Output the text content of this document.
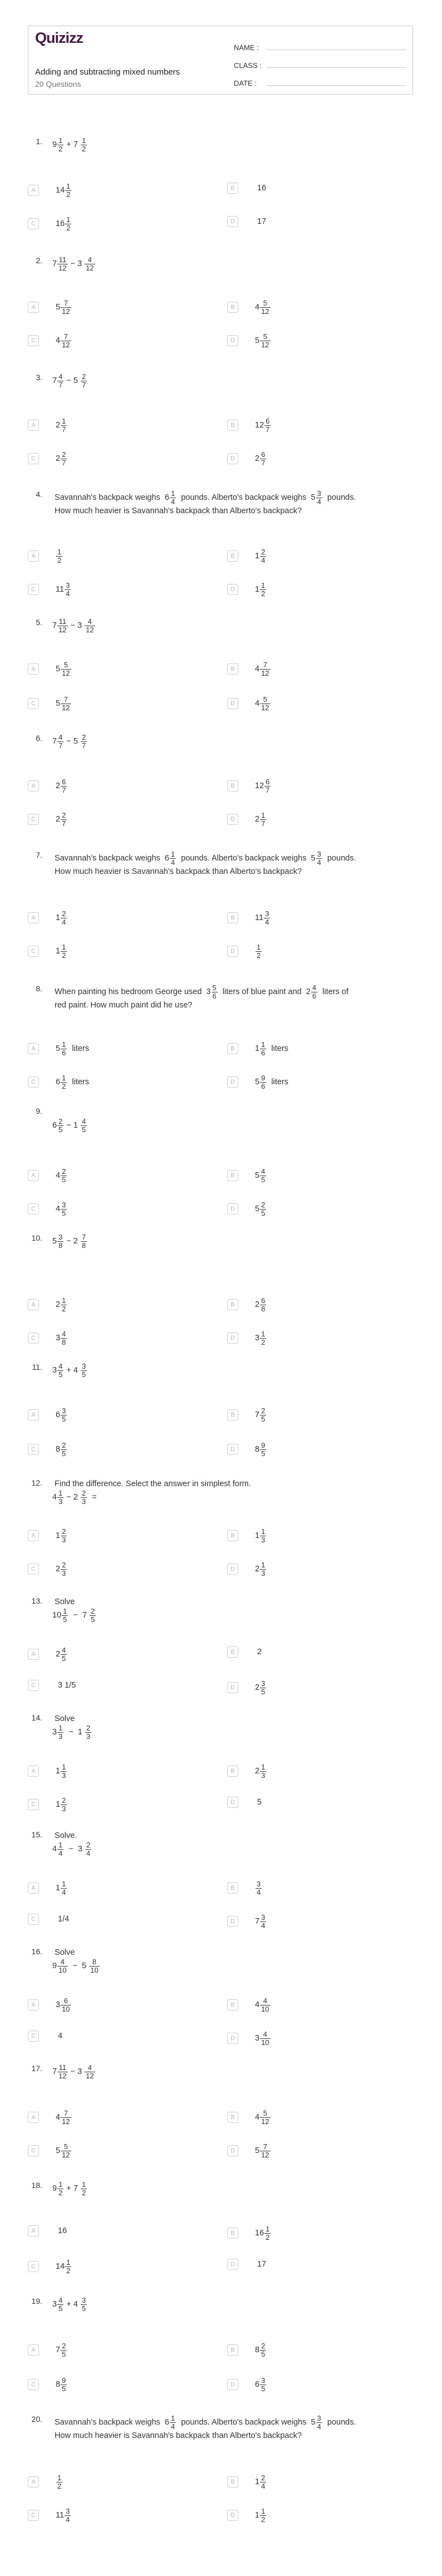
Quizizz
Adding and subtracting mixed numbers
20 Questions
NAME :
CLASS :
DATE :
1. $9 \frac{1}{2} + 7 \frac{1}{2}$
A	$14 \frac{1}{2}$	B	16
C	$16 \frac{1}{2}$	D	17
2. $7 \frac{11}{12} - 3 \frac{4}{12}$
A	$5 \frac{7}{12}$	B	$4 \frac{5}{12}$
C	$4 \frac{7}{12}$	D	$5 \frac{5}{12}$
3. $7 \frac{4}{7} - 5 \frac{2}{7}$
A	$2 \frac{1}{7}$	B	$12 \frac{6}{7}$
C	$2 \frac{2}{7}$	D	$2 \frac{6}{7}$
4. Savannah's backpack weighs  $6 \frac{1}{4}$ pounds. Alberto's backpack weighs  $5 \frac{3}{4}$ pounds.
How much heavier is Savannah's backpack than Alberto's backpack?
A	$\frac{1}{2}$	B	$1 \frac{2}{4}$
C	$11 \frac{3}{4}$	D	$1 \frac{1}{2}$
5. $7 \frac{11}{12} - 3 \frac{4}{12}$
A	$5 \frac{5}{12}$	B	$4 \frac{7}{12}$
C	$5 \frac{7}{12}$	D	$4 \frac{5}{12}$
6. $7 \frac{4}{7} - 5 \frac{2}{7}$
A	$2 \frac{6}{7}$	B	$12 \frac{6}{7}$
C	$2 \frac{2}{7}$	D	$2 \frac{1}{7}$
7. Savannah's backpack weighs  $6 \frac{1}{4}$ pounds. Alberto's backpack weighs  $5 \frac{3}{4}$ pounds.
How much heavier is Savannah's backpack than Alberto's backpack?
A	$1 \frac{2}{4}$	B	$11 \frac{3}{4}$
C	$1 \frac{1}{2}$	D	$\frac{1}{2}$
8. When painting his bedroom George used  $3 \frac{5}{6}$ liters of blue paint and  $2 \frac{4}{6}$ liters of
red paint. How much paint did he use?
A	$5 \frac{1}{6}$ liters	B	$1 \frac{1}{6}$ liters
C	$6 \frac{1}{2}$ liters	D	$5 \frac{9}{6}$ liters
9.
$6 \frac{2}{5} - 1 \frac{4}{5}$
A	$4 \frac{2}{5}$	B	$5 \frac{4}{5}$
C	$4 \frac{3}{5}$	D	$5 \frac{2}{5}$
10. $5 \frac{3}{8} - 2 \frac{7}{8}$
A	$2 \frac{1}{2}$	B	$2 \frac{6}{8}$
C	$3 \frac{4}{8}$	D	$3 \frac{1}{2}$
11. $3 \frac{4}{5} + 4 \frac{3}{5}$
A	$6 \frac{3}{5}$	B	$7 \frac{2}{5}$
C	$8 \frac{2}{5}$	D	$8 \frac{9}{5}$
12. Find the difference. Select the answer in simplest form.
$4 \frac{1}{3} - 2 \frac{2}{3}$ =
A	$1 \frac{2}{3}$	B	$1 \frac{1}{3}$
C	$2 \frac{2}{3}$	D	$2 \frac{1}{3}$
13. Solve
$10 \frac{1}{5} - 7 \frac{2}{5}$
A	$2 \frac{4}{5}$	B	2
C	3 1/5	D	$2 \frac{3}{5}$
14. Solve
$3 \frac{1}{3} - 1 \frac{2}{3}$
A	$1 \frac{1}{3}$	B	$2 \frac{1}{3}$
C	$1 \frac{2}{3}$	D	5
15. Solve.
$4 \frac{1}{4} - 3 \frac{2}{4}$
A	$1 \frac{1}{4}$	B	$\frac{3}{4}$
C	1/4	D	$7 \frac{3}{4}$
16. Solve
$9 \frac{4}{10} - 5 \frac{8}{10}$
A	$3 \frac{6}{10}$	B	$4 \frac{4}{10}$
C	4	D	$3 \frac{4}{10}$
17. $7 \frac{11}{12} - 3 \frac{4}{12}$
A	$4 \frac{7}{12}$	B	$4 \frac{5}{12}$
C	$5 \frac{5}{12}$	D	$5 \frac{7}{12}$
18. $9 \frac{1}{2} + 7 \frac{1}{2}$
A	16	B	$16 \frac{1}{2}$
C	$14 \frac{1}{2}$	D	17
19. $3 \frac{4}{5} + 4 \frac{3}{5}$
A	$7 \frac{2}{5}$	B	$8 \frac{2}{5}$
C	$8 \frac{9}{5}$	D	$6 \frac{3}{5}$
20. Savannah's backpack weighs  $6 \frac{1}{4}$ pounds. Alberto's backpack weighs  $5 \frac{3}{4}$ pounds.
How much heavier is Savannah's backpack than Alberto's backpack?
A	$\frac{1}{2}$	B	$1 \frac{2}{4}$
C	$11 \frac{3}{4}$	D	$1 \frac{1}{2}$
